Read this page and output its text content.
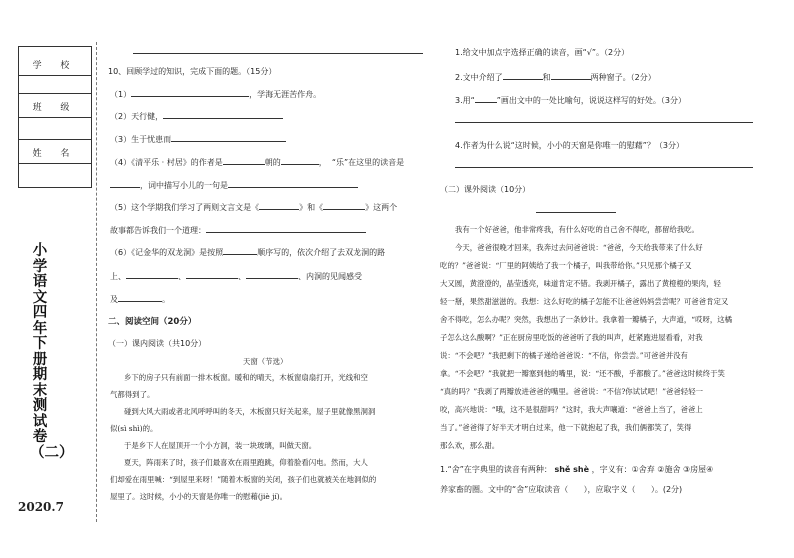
学 校
班 级
姓 名
小学语文四年下册期末测试卷（二）
2020.7
10、回顾学过的知识，完成下面的题。（15分）
（1）	，学海无涯苦作舟。
（2）天行健，
（3）生于忧患而
（4）《清平乐 · 村居》的作者是	朝的	， “乐”在这里的读音是
，词中描写小儿的一句是
（5）这个学期我们学习了两则文言文是《	》和《	》这两个
故事都告诉我们一个道理：
（6）《记金华的双龙洞》是按照	顺序写的，依次介绍了去双龙洞的路
上、	、	、	、内洞的见闻感受
及	。
二、阅读空间（20分）
（一）课内阅读（共10分）
天窗（节选）
乡下的房子只有前面一排木板窗。暖和的晴天，木板窗扇扇打开，光线和空
气都得到了。
碰到大风大雨或者北风呼呼叫的冬天，木板窗只好关起来，屋子里就像黑洞洞
似(sì shì)的。
于是乡下人在屋顶开一个小方洞，装一块玻璃，叫做天窗。
夏天，阵雨来了时，孩子们最喜欢在雨里跑跳，仰着脸看闪电。然而，大人
们却爱在雨里喊：“到屋里来呀！”随着木板窗的关闭，孩子们也就被关在地洞似的
屋里了。这时候，小小的天窗是你唯一的慰藉(jiè jí)。
1.给文中加点字选择正确的读音，画“√”。（2分）
2.文中介绍了	和	两种窗子。（2分）
3.用“	”画出文中的一处比喻句，说说这样写的好处。（3分）
4.作者为什么说“这时候，小小的天窗是你唯一的慰藉”？（3分）
（二）课外阅读（10分）
我有一个好爸爸，他非常疼我，有什么好吃的自己舍不得吃，都留给我吃。
今天，爸爸很晚才回来，我奔过去问爸爸说：“爸爸，今天给我带来了什么好
吃的？”爸爸说：“厂里的阿姨给了我一个橘子，叫我带给你。”只见那个橘子又
大又圆，黄澄澄的，晶莹透亮，味道肯定不错。我剥开橘子，露出了黄橙橙的果肉，轻
轻一掰，果然甜滋滋的。我想：这么好吃的橘子怎能不让爸爸妈妈尝尝呢？可爸爸肯定又
舍不得吃，怎么办呢？突然，我想出了一条妙计。我拿着一瓣橘子，大声道，“哎呀，这橘
子怎么这么酸啊？”正在厨房里吃饭的爸爸听了我的叫声，赶紧跑进屋看看，对我
说：“不会吧？”我把剩下的橘子递给爸爸说：“不信，你尝尝。”可爸爸并没有
拿。“不会吧？”我就把一瓣塞到他的嘴里，说：“还不酸，乎都酸了。”爸爸这时候终于笑
“真的吗？”我剥了两瓣放进爸爸的嘴里。爸爸说：“不信?你试试吧！”爸爸轻轻一
咬，高兴地说：“哦，这不是很甜吗？”这时，我大声嚷道：“爸爸上当了，爸爸上
当了。”爸爸得了好半天才明白过来，他一下就抱起了我，我们俩都笑了，笑得
那么欢，那么甜。
1.“舍”在字典里的读音有两种： shě shè ，字义有：①舍弃 ②施舍 ③房屋④
养家畜的圈。文中的“舍”应取读音（ ），应取字义（ ）。(2分)
